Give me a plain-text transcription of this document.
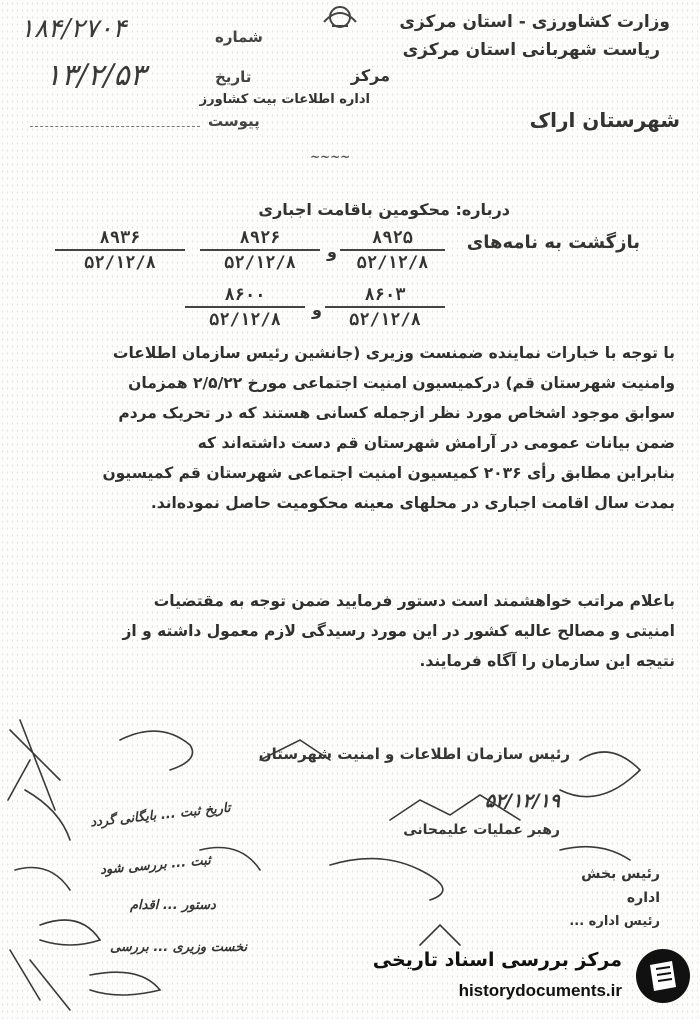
وزارت کشاورزی - استان مرکزی
ریاست شهربانی استان مرکزی
مرکز
اداره اطلاعات بیت کشاورز
شهرستان اراک
شماره
۱۸۴/۲۷۰۴
تاریخ
۱۳/۲/۵۳
پیوست
~~~~
درباره: محکومین باقامت اجباری
بازگشت به نامه‌های
۸۹۲۵
۵۲/۱۲/۸
و
۸۹۲۶
۵۲/۱۲/۸
۸۹۳۶
۵۲/۱۲/۸
۸۶۰۳
۵۲/۱۲/۸
و
۸۶۰۰
۵۲/۱۲/۸
با توجه با خبارات نماینده ضمنست وزیری (جانشین رئیس سازمان اطلاعات
وامنیت شهرستان قم) درکمیسیون امنیت اجتماعی مورخ ۲/۵/۲۲ همزمان
سوابق موجود اشخاص مورد نظر ازجمله کسانی هستند که در تحریک مردم
ضمن بیانات عمومی در آرامش شهرستان قم دست داشته‌اند که
بنابراین مطابق رأی ۲۰۳۶ کمیسیون امنیت اجتماعی شهرستان قم کمیسیون
بمدت سال اقامت اجباری در محلهای معینه محکومیت حاصل نموده‌اند.
باعلام مراتب خواهشمند است دستور فرمایید ضمن توجه به مقتضیات
امنیتی و مصالح عالیه کشور در این مورد رسیدگی لازم معمول داشته و از
نتیجه این سازمان را آگاه فرمایند.
رئیس سازمان اطلاعات و امنیت شهرستان
۵۲/۱۲/۱۹
رهبر عملیات علیمحانی
تاریخ ثبت ... بایگانی گردد
ثبت ... بررسی شود
دستور ... اقدام
نخست وزیری ... بررسی
رئیس بخش
اداره
رئیس اداره ...
مرکز بررسی اسناد تاریخی
historydocuments.ir
